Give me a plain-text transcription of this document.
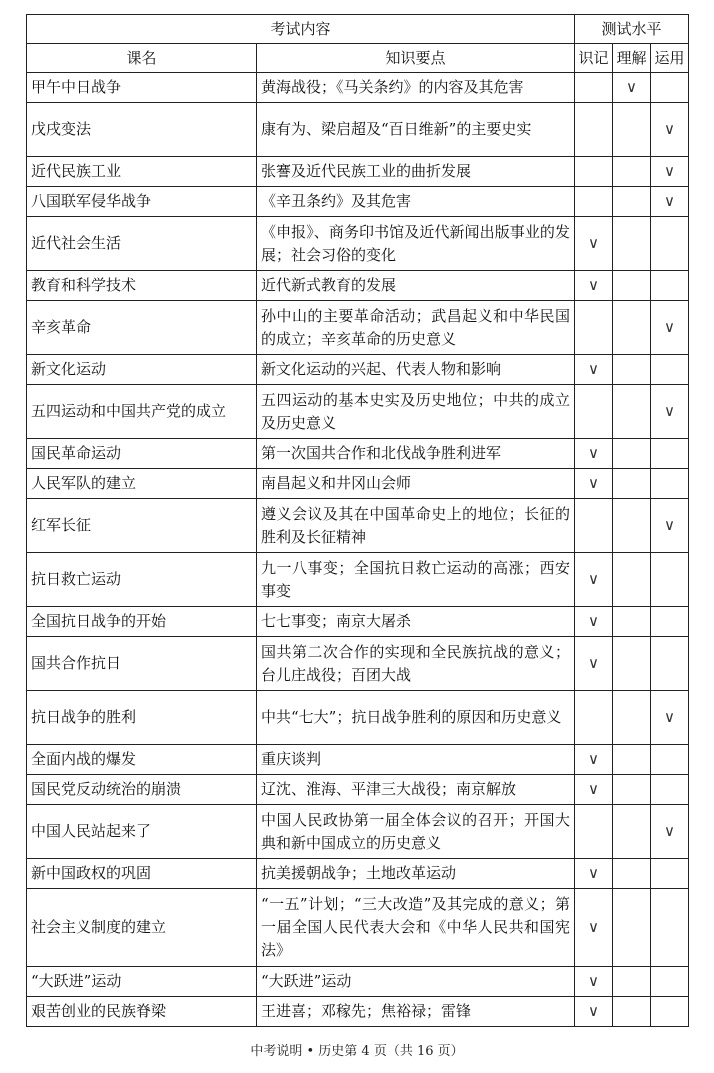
考试内容		测试水平		
课名	知识要点	识记	理解	运用
甲午中日战争	黄海战役；《马关条约》的内容及其危害		∨	
戊戌变法	康有为、梁启超及“百日维新”的主要史实			∨
近代民族工业	张謇及近代民族工业的曲折发展			∨
八国联军侵华战争	《辛丑条约》及其危害			∨
近代社会生活	《申报》、商务印书馆及近代新闻出版事业的发展；社会习俗的变化	∨		
教育和科学技术	近代新式教育的发展	∨		
辛亥革命	孙中山的主要革命活动；武昌起义和中华民国的成立；辛亥革命的历史意义			∨
新文化运动	新文化运动的兴起、代表人物和影响	∨		
五四运动和中国共产党的成立	五四运动的基本史实及历史地位；中共的成立及历史意义			∨
国民革命运动	第一次国共合作和北伐战争胜利进军	∨		
人民军队的建立	南昌起义和井冈山会师	∨		
红军长征	遵义会议及其在中国革命史上的地位；长征的胜利及长征精神			∨
抗日救亡运动	九一八事变；全国抗日救亡运动的高涨；西安事变	∨		
全国抗日战争的开始	七七事变；南京大屠杀	∨		
国共合作抗日	国共第二次合作的实现和全民族抗战的意义；台儿庄战役；百团大战	∨		
抗日战争的胜利	中共“七大”；抗日战争胜利的原因和历史意义			∨
全面内战的爆发	重庆谈判	∨		
国民党反动统治的崩溃	辽沈、淮海、平津三大战役；南京解放	∨		
中国人民站起来了	中国人民政协第一届全体会议的召开；开国大典和新中国成立的历史意义			∨
新中国政权的巩固	抗美援朝战争；土地改革运动	∨		
社会主义制度的建立	“一五”计划；“三大改造”及其完成的意义；第一届全国人民代表大会和《中华人民共和国宪法》	∨		
“大跃进”运动	“大跃进”运动	∨		
艰苦创业的民族脊梁	王进喜；邓稼先；焦裕禄；雷锋	∨		
中考说明 • 历史第 4 页（共 16 页）
